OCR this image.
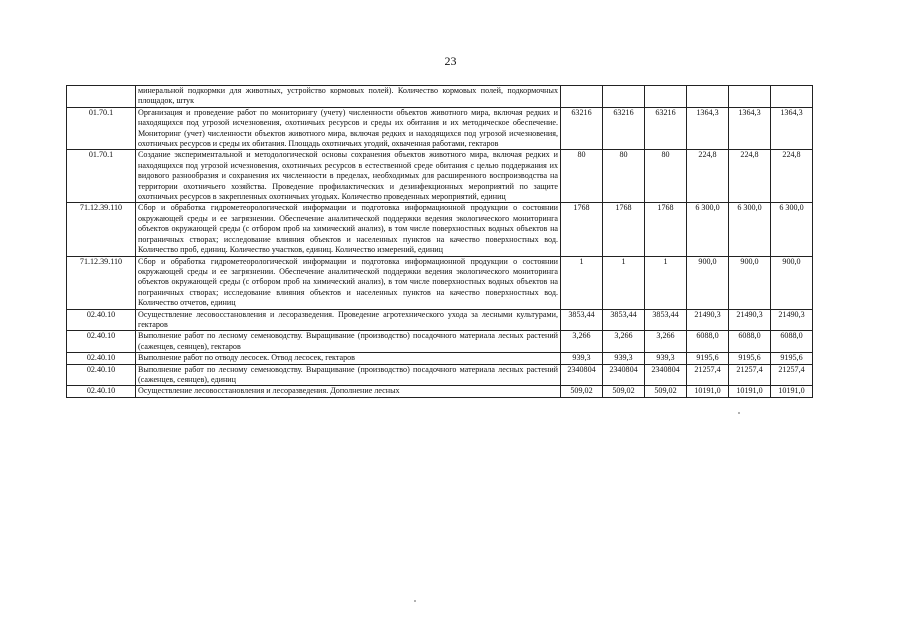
23
	минеральной подкормки для животных, устройство кормовых полей). Количество кормовых полей, подкормочных площадок, штук						
01.70.1	Организация и проведение работ по мониторингу (учету) численности объектов животного мира, включая редких и находящихся под угрозой исчезновения, охотничьих ресурсов и среды их обитания и их методическое обеспечение. Мониторинг (учет) численности объектов животного мира, включая редких и находящихся под угрозой исчезновения, охотничьих ресурсов и среды их обитания. Площадь охотничьих угодий, охваченная работами, гектаров	63216	63216	63216	1364,3	1364,3	1364,3
01.70.1	Создание экспериментальной и методологической основы сохранения объектов животного мира, включая редких и находящихся под угрозой исчезновения, охотничьих ресурсов в естественной среде обитания с целью поддержания их видового разнообразия и сохранения их численности в пределах, необходимых для расширенного воспроизводства на территории охотничьего хозяйства. Проведение профилактических и дезинфекционных мероприятий по защите охотничьих ресурсов в закрепленных охотничьих угодьях. Количество проведенных мероприятий, единиц	80	80	80	224,8	224,8	224,8
71.12.39.110	Сбор и обработка гидрометеорологической информации и подготовка информационной продукции о состоянии окружающей среды и ее загрязнении. Обеспечение аналитической поддержки ведения экологического мониторинга объектов окружающей среды (с отбором проб на химический анализ), в том числе поверхностных водных объектов на пограничных створах; исследование влияния объектов и населенных пунктов на качество поверхностных вод. Количество проб, единиц. Количество участков, единиц. Количество измерений, единиц	1768	1768	1768	6 300,0	6 300,0	6 300,0
71.12.39.110	Сбор и обработка гидрометеорологической информации и подготовка информационной продукции о состоянии окружающей среды и ее загрязнении. Обеспечение аналитической поддержки ведения экологического мониторинга объектов окружающей среды (с отбором проб на химический анализ), в том числе поверхностных водных объектов на пограничных створах; исследование влияния объектов и населенных пунктов на качество поверхностных вод. Количество отчетов, единиц	1	1	1	900,0	900,0	900,0
02.40.10	Осуществление лесовосстановления и лесоразведения. Проведение агротехнического ухода за лесными культурами, гектаров	3853,44	3853,44	3853,44	21490,3	21490,3	21490,3
02.40.10	Выполнение работ по лесному семеноводству. Выращивание (производство) посадочного материала лесных растений (саженцев, сеянцев), гектаров	3,266	3,266	3,266	6088,0	6088,0	6088,0
02.40.10	Выполнение работ по отводу лесосек. Отвод лесосек, гектаров	939,3	939,3	939,3	9195,6	9195,6	9195,6
02.40.10	Выполнение работ по лесному семеноводству. Выращивание (производство) посадочного материала лесных растений (саженцев, сеянцев), единиц	2340804	2340804	2340804	21257,4	21257,4	21257,4
02.40.10	Осуществление лесовосстановления и лесоразведения. Дополнение лесных	509,02	509,02	509,02	10191,0	10191,0	10191,0
